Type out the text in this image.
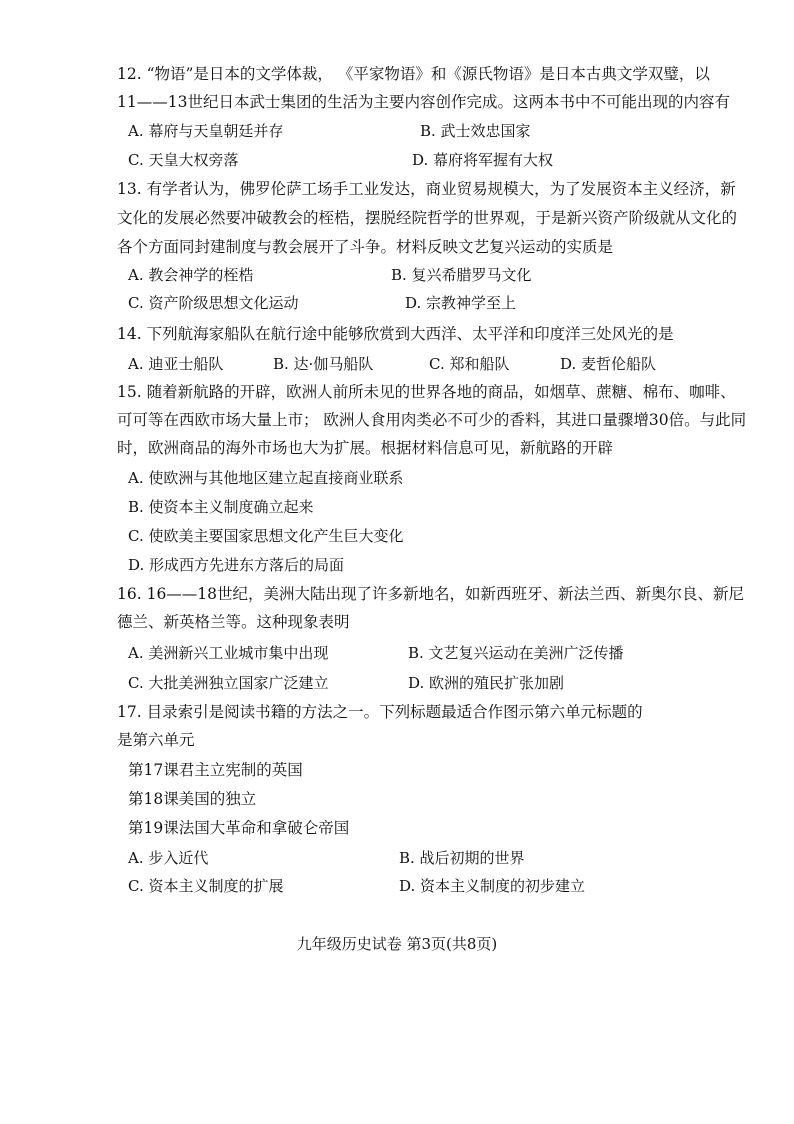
12. “物语”是日本的文学体裁， 《平家物语》和《源氏物语》是日本古典文学双璧，以
11——13世纪日本武士集团的生活为主要内容创作完成。这两本书中不可能出现的内容有
A. 幕府与天皇朝廷并存	B. 武士效忠国家
C. 天皇大权旁落	D. 幕府将军握有大权
13. 有学者认为，佛罗伦萨工场手工业发达，商业贸易规模大，为了发展资本主义经济，新
文化的发展必然要冲破教会的桎梏，摆脱经院哲学的世界观，于是新兴资产阶级就从文化的
各个方面同封建制度与教会展开了斗争。材料反映文艺复兴运动的实质是
A. 教会神学的桎梏	B. 复兴希腊罗马文化
C. 资产阶级思想文化运动	D. 宗教神学至上
14. 下列航海家船队在航行途中能够欣赏到大西洋、太平洋和印度洋三处风光的是
A. 迪亚士船队	B. 达·伽马船队	C. 郑和船队	D. 麦哲伦船队
15. 随着新航路的开辟，欧洲人前所未见的世界各地的商品，如烟草、蔗糖、棉布、咖啡、
可可等在西欧市场大量上市； 欧洲人食用肉类必不可少的香料，其进口量骤增30倍。与此同
时，欧洲商品的海外市场也大为扩展。根据材料信息可见，新航路的开辟
A. 使欧洲与其他地区建立起直接商业联系
B. 使资本主义制度确立起来
C. 使欧美主要国家思想文化产生巨大变化
D. 形成西方先进东方落后的局面
16. 16——18世纪，美洲大陆出现了许多新地名，如新西班牙、新法兰西、新奥尔良、新尼
德兰、新英格兰等。这种现象表明
A. 美洲新兴工业城市集中出现	B. 文艺复兴运动在美洲广泛传播
C. 大批美洲独立国家广泛建立	D. 欧洲的殖民扩张加剧
17. 目录索引是阅读书籍的方法之一。下列标题最适合作图示第六单元标题的
是第六单元
第17课君主立宪制的英国
第18课美国的独立
第19课法国大革命和拿破仑帝国
A. 步入近代	B. 战后初期的世界
C. 资本主义制度的扩展	D. 资本主义制度的初步建立
九年级历史试卷 第3页(共8页)
